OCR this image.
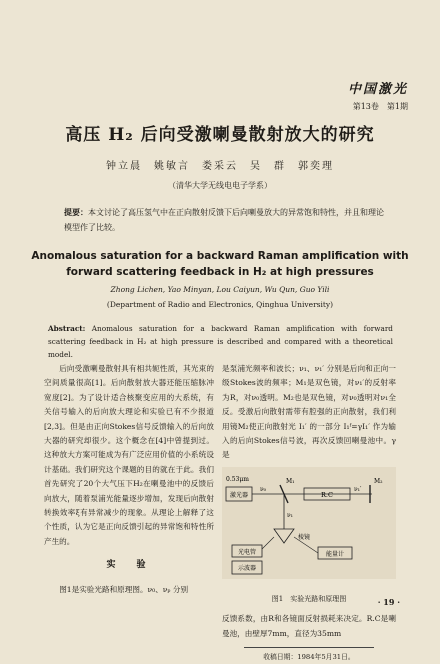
中国激光
第13卷　第1期
高压 H₂ 后向受激喇曼散射放大的研究
钟立晨　姚敏言　娄采云　吴　群　郭奕理
（清华大学无线电电子学系）
提要：本文讨论了高压氢气中在正向散射反馈下后向喇曼放大的异常饱和特性，并且和理论模型作了比较。
Anomalous saturation for a backward Raman amplification with
forward scattering feedback in H₂ at high pressures
Zhong Lichen, Yao Minyan, Lou Caiyun, Wu Qun, Guo Yili
(Department of Radio and Electronics, Qinghua University)
Abstract: Anomalous saturation for a backward Raman amplification with forward scattering feedback in H₂ at high pressure is described and compared with a theoretical model.

后向受激喇曼散射具有相共轭性质，其光束的空间质量很高[1]。后向散射放大器还能压缩脉冲宽度[2]。为了设计适合核聚变应用的大系统，有关信号输入的后向放大理论和实验已有不少报道[2,3]。但是由正向Stokes信号反馈输入的后向放大器的研究却很少。这个概念在[4]中曾提到过。这种放大方案可能成为有广泛应用价值的小系统设计基础。我们研究这个课题的目的就在于此。我们首先研究了20个大气压下H₂在喇曼池中的反馈后向放大，随着泵浦光能量逐步增加，发现后向散射转换效率ξ有异常减少的现象。从理论上解释了这个性质，认为它是正向反馈引起的异常饱和特性所产生的。

实　验

图1是实验光路和原理图。ν₀、νₚ 分别

是泵浦光频率和波长；ν₁、ν₁′ 分别是后向和正向一级Stokes波的频率；M₁是双色镜，对ν₁′的反射率为R，对ν₀透明。M₂也是双色镜，对ν₀透明对ν₁全反。受激后向散射需带有腔强的正向散射，我们利用镜M₂使正向散射光 I₁′ 的一部分 I₁ᶠ=γI₁′ 作为输入的后向Stokes信号波，再次反馈回喇曼池中。γ是
激光器
0.53μm
ν₀
M₁
R.C
M₂
ν₁′
ν₁
棱镜
光电管
示波器
能量计
图1　实验光路和原理图
反馈系数，由R和各镜面反射损耗来决定。R.C是喇曼池，由壁厚7mm，直径为35mm
收稿日期：1984年5月31日。
· 19 ·
